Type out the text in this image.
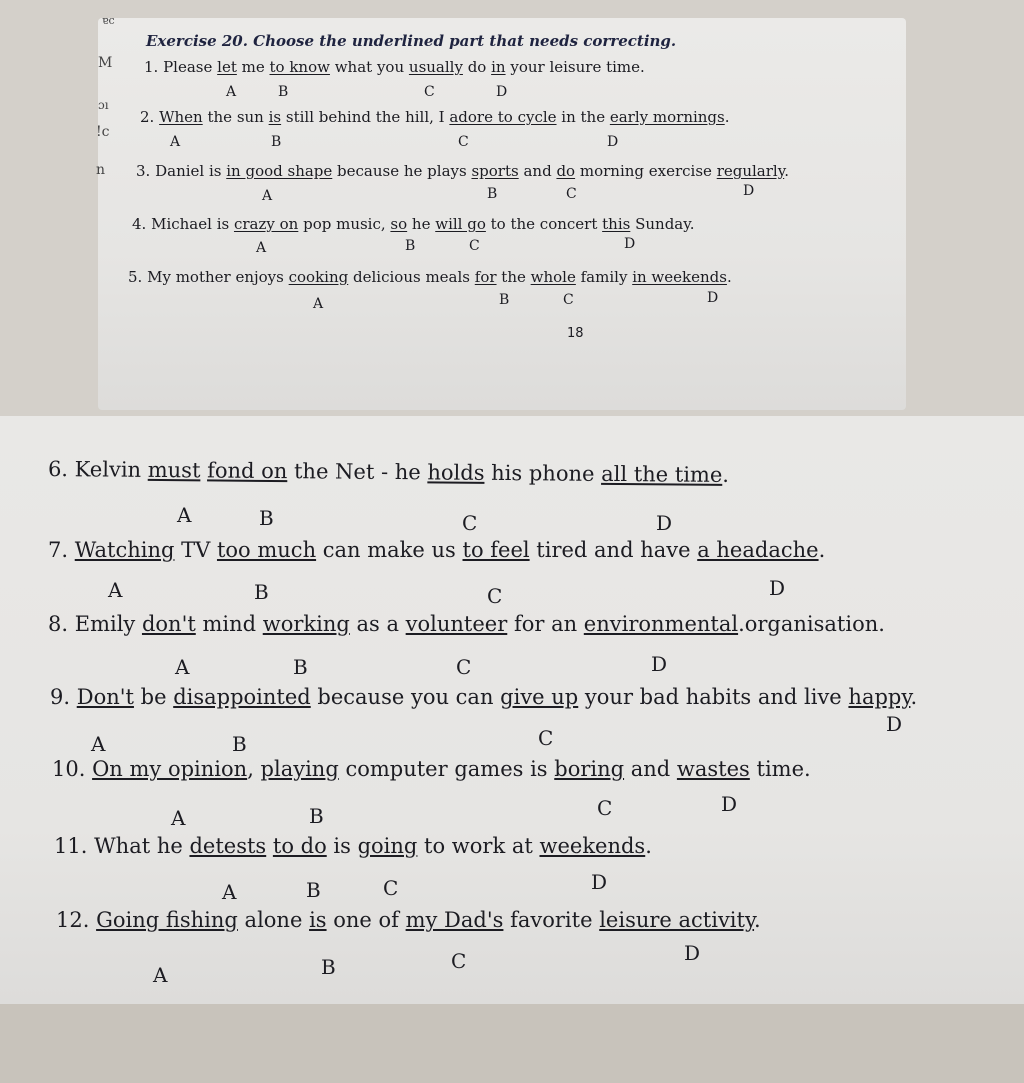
ɐc
M
ɔı
!c
n
Exercise 20. Choose the underlined part that needs correcting.
1. Please let me to know what you usually do in your leisure time.
A	B	C	D
2. When the sun is still behind the hill, I adore to cycle in the early mornings.
A	B	C	D
3. Daniel is in good shape because he plays sports and do morning exercise regularly.
A	B	C	D
4. Michael is crazy on pop music, so he will go to the concert this Sunday.
A	B	C	D
5. My mother enjoys cooking delicious meals for the whole family in weekends.
A	B	C	D
18
6. Kelvin must fond on the Net - he holds his phone all the time.
A	B	C	D
7. Watching TV too much can make us to feel tired and have a headache.
A	B	C	D
8. Emily don't mind working as a volunteer for an environmental.organisation.
A	B	C	D
9. Don't be disappointed because you can give up your bad habits and live happy.
A	B	C
D
10. On my opinion, playing computer games is boring and wastes time.
A	B	C	D
11. What he detests to do is going to work at weekends.
A	B	C	D
12. Going fishing alone is one of my Dad's favorite leisure activity.
A	B	C	D
